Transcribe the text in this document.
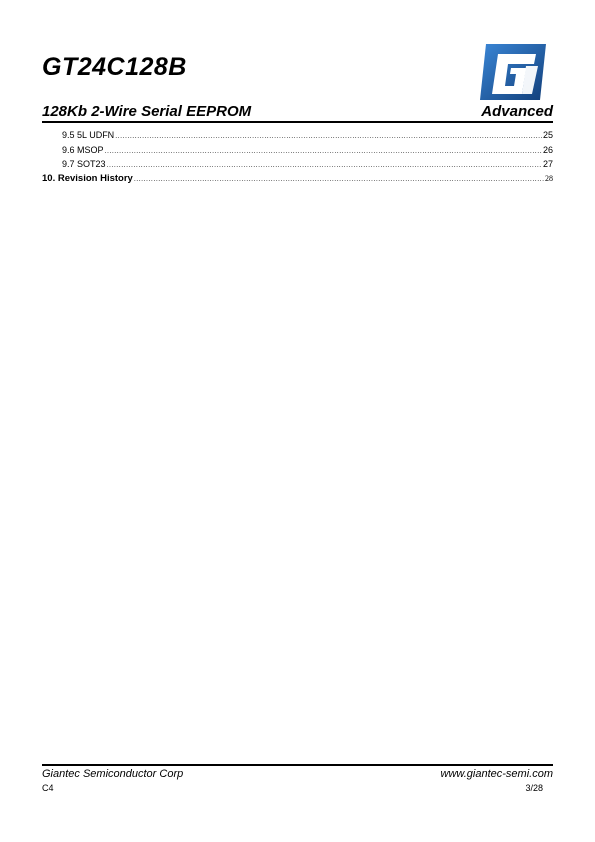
GT24C128B
128Kb 2-Wire Serial EEPROM	Advanced
9.5 5L UDFN .....	25
9.6 MSOP .....	26
9.7 SOT23 .....	27
10. Revision History .....	28
Giantec Semiconductor Corp	www.giantec-semi.com
C4	3/28
